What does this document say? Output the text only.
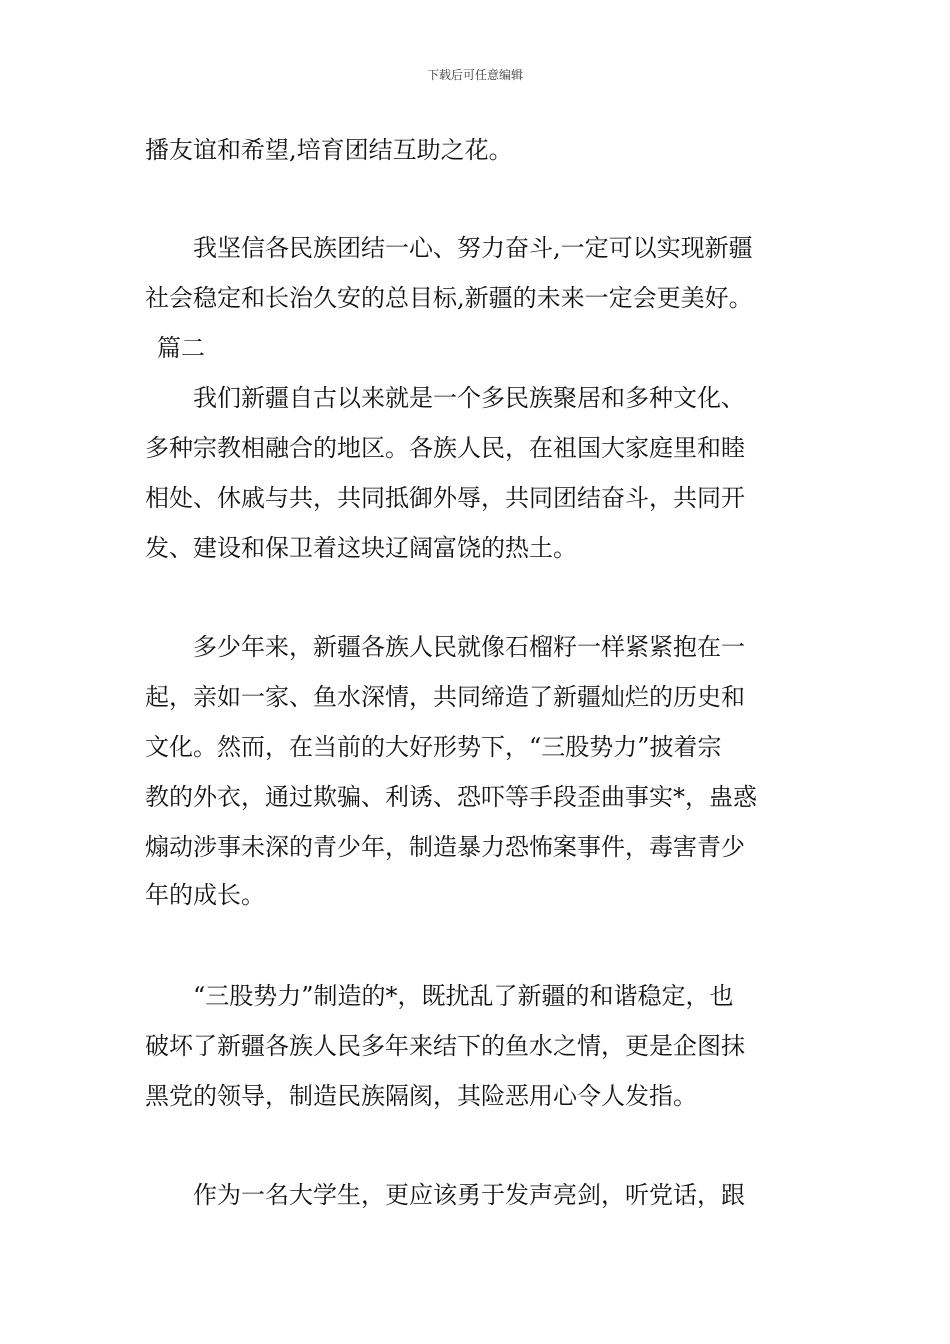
下载后可任意编辑
播友谊和希望,培育团结互助之花。
　　我坚信各民族团结一心、努力奋斗,一定可以实现新疆
社会稳定和长治久安的总目标,新疆的未来一定会更美好。
篇二
　　我们新疆自古以来就是一个多民族聚居和多种文化、
多种宗教相融合的地区。各族人民，在祖国大家庭里和睦
相处、休戚与共，共同抵御外辱，共同团结奋斗，共同开
发、建设和保卫着这块辽阔富饶的热土。
　　多少年来，新疆各族人民就像石榴籽一样紧紧抱在一
起，亲如一家、鱼水深情，共同缔造了新疆灿烂的历史和
文化。然而，在当前的大好形势下，“三股势力”披着宗
教的外衣，通过欺骗、利诱、恐吓等手段歪曲事实*，蛊惑
煽动涉事未深的青少年，制造暴力恐怖案事件，毒害青少
年的成长。
　　“三股势力”制造的*，既扰乱了新疆的和谐稳定，也
破坏了新疆各族人民多年来结下的鱼水之情，更是企图抹
黑党的领导，制造民族隔阂，其险恶用心令人发指。
　　作为一名大学生，更应该勇于发声亮剑，听党话，跟
